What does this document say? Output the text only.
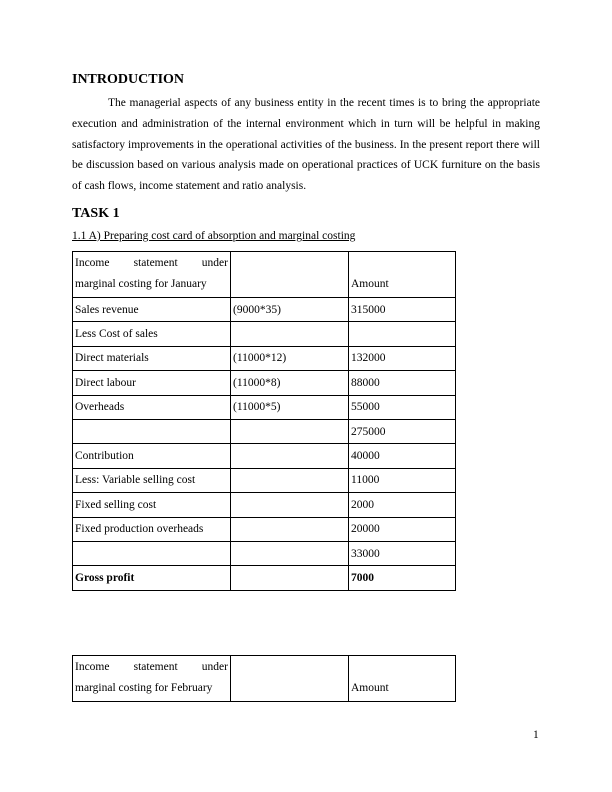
INTRODUCTION

The managerial aspects of any business entity in the recent times is to bring the appropriate execution and administration of the internal environment which in turn will be helpful in making satisfactory improvements in the operational activities of the business. In the present report there will be discussion based on various analysis made on operational practices of UCK furniture on the basis of cash flows, income statement and ratio analysis.

TASK 1
1.1 A) Preparing cost card of absorption and marginal costing
Income statement under
marginal costing for January		Amount
Sales revenue	(9000*35)	315000
Less Cost of sales		
Direct materials	(11000*12)	132000
Direct labour	(11000*8)	88000
Overheads	(11000*5)	55000
		275000
Contribution		40000
Less: Variable selling cost		11000
Fixed selling cost		2000
Fixed production overheads		20000
		33000
Gross profit		7000
Income statement under
marginal costing for February		Amount
1
